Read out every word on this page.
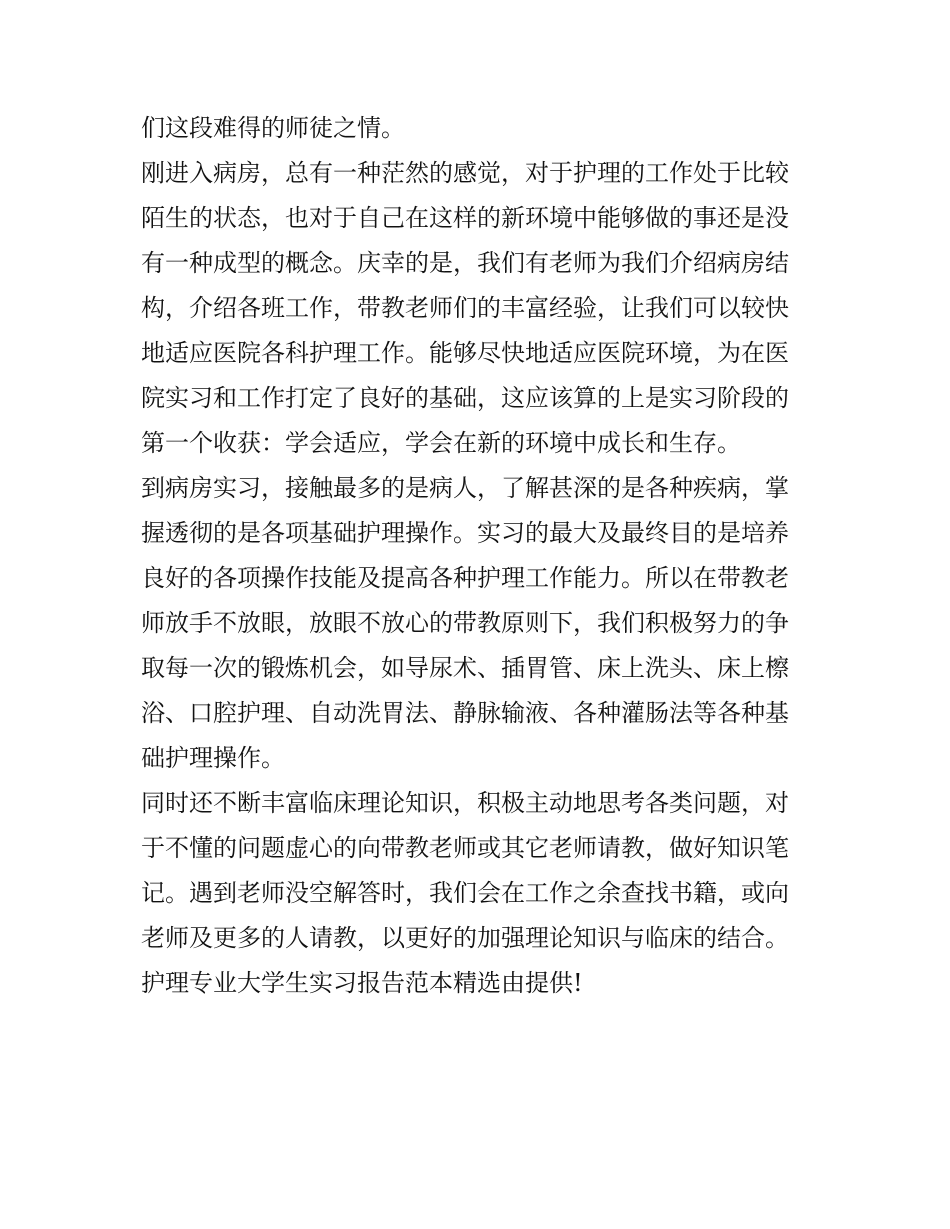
们这段难得的师徒之情。
刚进入病房，总有一种茫然的感觉，对于护理的工作处于比较
陌生的状态，也对于自己在这样的新环境中能够做的事还是没
有一种成型的概念。庆幸的是，我们有老师为我们介绍病房结
构，介绍各班工作，带教老师们的丰富经验，让我们可以较快
地适应医院各科护理工作。能够尽快地适应医院环境，为在医
院实习和工作打定了良好的基础，这应该算的上是实习阶段的
第一个收获：学会适应，学会在新的环境中成长和生存。
到病房实习，接触最多的是病人，了解甚深的是各种疾病，掌
握透彻的是各项基础护理操作。实习的最大及最终目的是培养
良好的各项操作技能及提高各种护理工作能力。所以在带教老
师放手不放眼，放眼不放心的带教原则下，我们积极努力的争
取每一次的锻炼机会，如导尿术、插胃管、床上洗头、床上檫
浴、口腔护理、自动洗胃法、静脉输液、各种灌肠法等各种基
础护理操作。
同时还不断丰富临床理论知识，积极主动地思考各类问题，对
于不懂的问题虚心的向带教老师或其它老师请教，做好知识笔
记。遇到老师没空解答时，我们会在工作之余查找书籍，或向
老师及更多的人请教，以更好的加强理论知识与临床的结合。
护理专业大学生实习报告范本精选由提供!
